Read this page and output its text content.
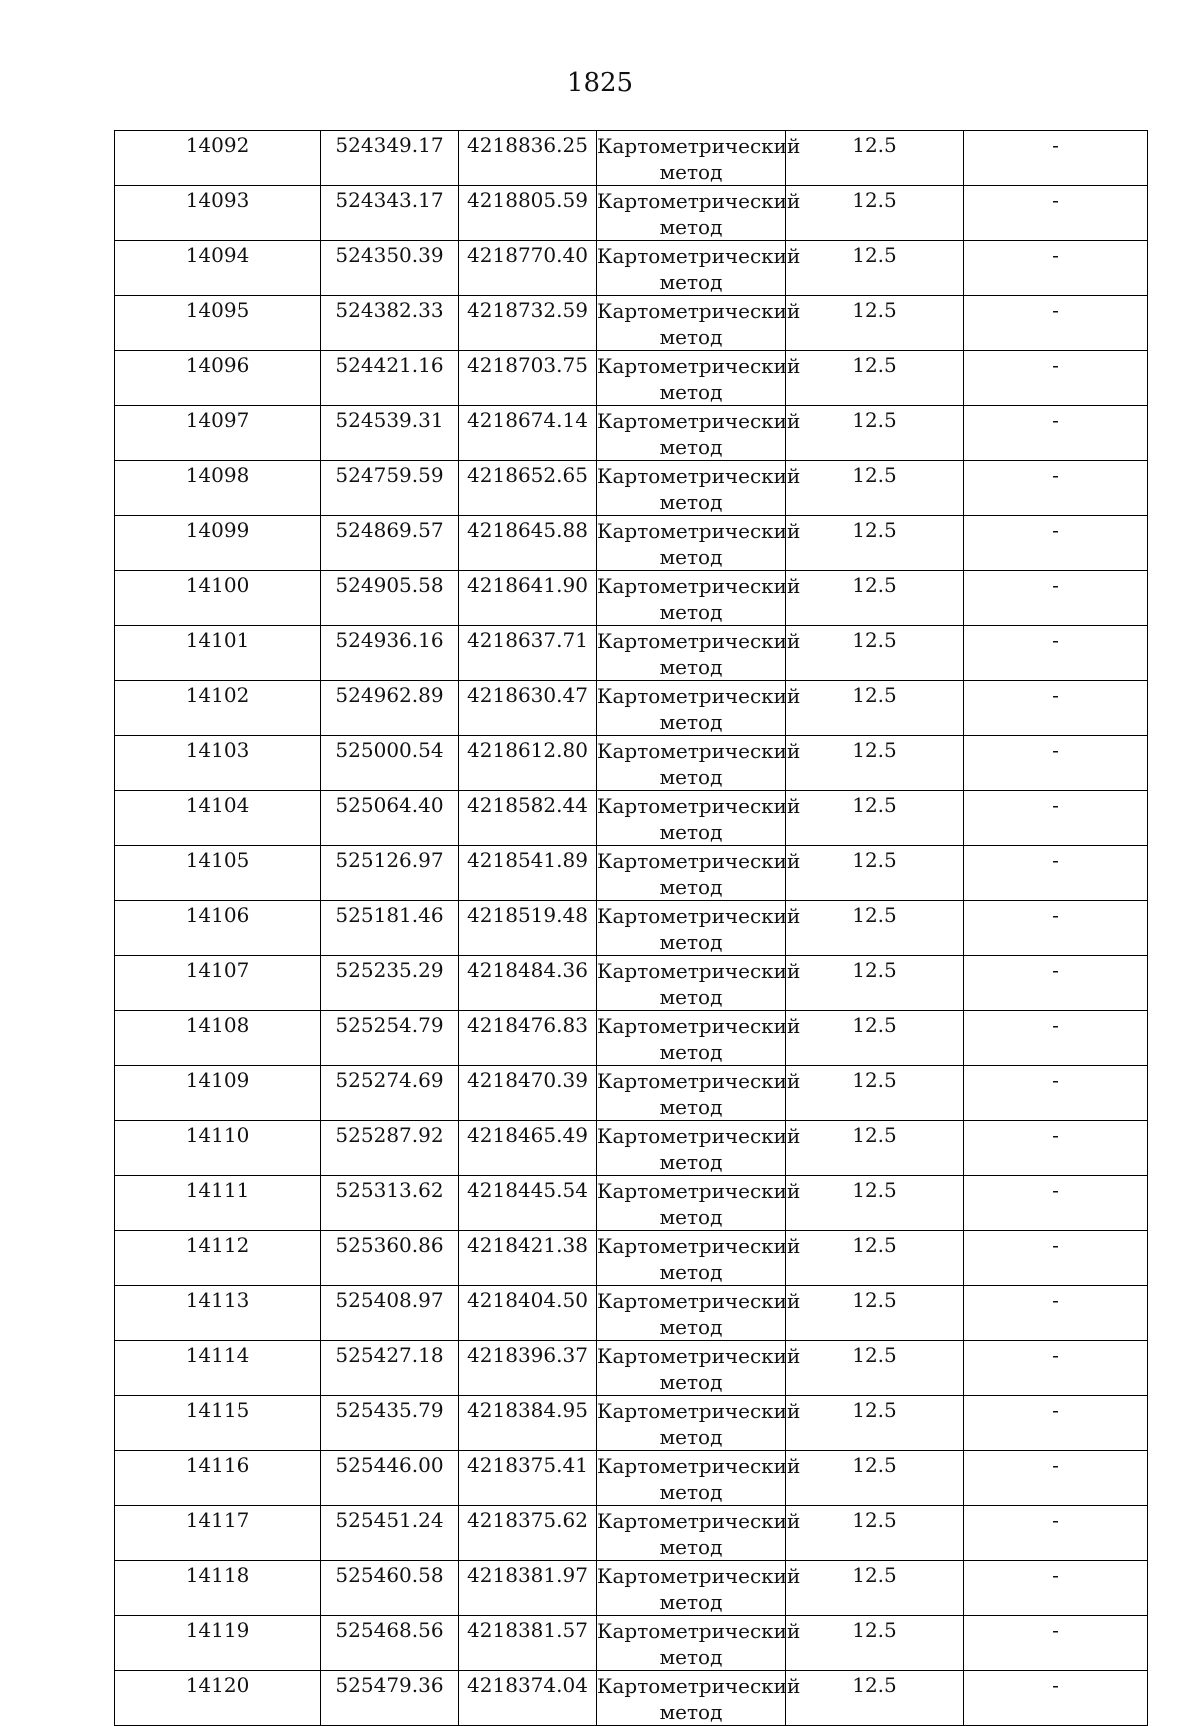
1825
14092	524349.17	4218836.25	Картометрический метод	12.5	-

14093	524343.17	4218805.59	Картометрический метод	12.5	-

14094	524350.39	4218770.40	Картометрический метод	12.5	-

14095	524382.33	4218732.59	Картометрический метод	12.5	-

14096	524421.16	4218703.75	Картометрический метод	12.5	-

14097	524539.31	4218674.14	Картометрический метод	12.5	-

14098	524759.59	4218652.65	Картометрический метод	12.5	-

14099	524869.57	4218645.88	Картометрический метод	12.5	-

14100	524905.58	4218641.90	Картометрический метод	12.5	-

14101	524936.16	4218637.71	Картометрический метод	12.5	-

14102	524962.89	4218630.47	Картометрический метод	12.5	-

14103	525000.54	4218612.80	Картометрический метод	12.5	-

14104	525064.40	4218582.44	Картометрический метод	12.5	-

14105	525126.97	4218541.89	Картометрический метод	12.5	-

14106	525181.46	4218519.48	Картометрический метод	12.5	-

14107	525235.29	4218484.36	Картометрический метод	12.5	-

14108	525254.79	4218476.83	Картометрический метод	12.5	-

14109	525274.69	4218470.39	Картометрический метод	12.5	-

14110	525287.92	4218465.49	Картометрический метод	12.5	-

14111	525313.62	4218445.54	Картометрический метод	12.5	-

14112	525360.86	4218421.38	Картометрический метод	12.5	-

14113	525408.97	4218404.50	Картометрический метод	12.5	-

14114	525427.18	4218396.37	Картометрический метод	12.5	-

14115	525435.79	4218384.95	Картометрический метод	12.5	-

14116	525446.00	4218375.41	Картометрический метод	12.5	-

14117	525451.24	4218375.62	Картометрический метод	12.5	-

14118	525460.58	4218381.97	Картометрический метод	12.5	-

14119	525468.56	4218381.57	Картометрический метод	12.5	-

14120	525479.36	4218374.04	Картометрический метод	12.5	-
